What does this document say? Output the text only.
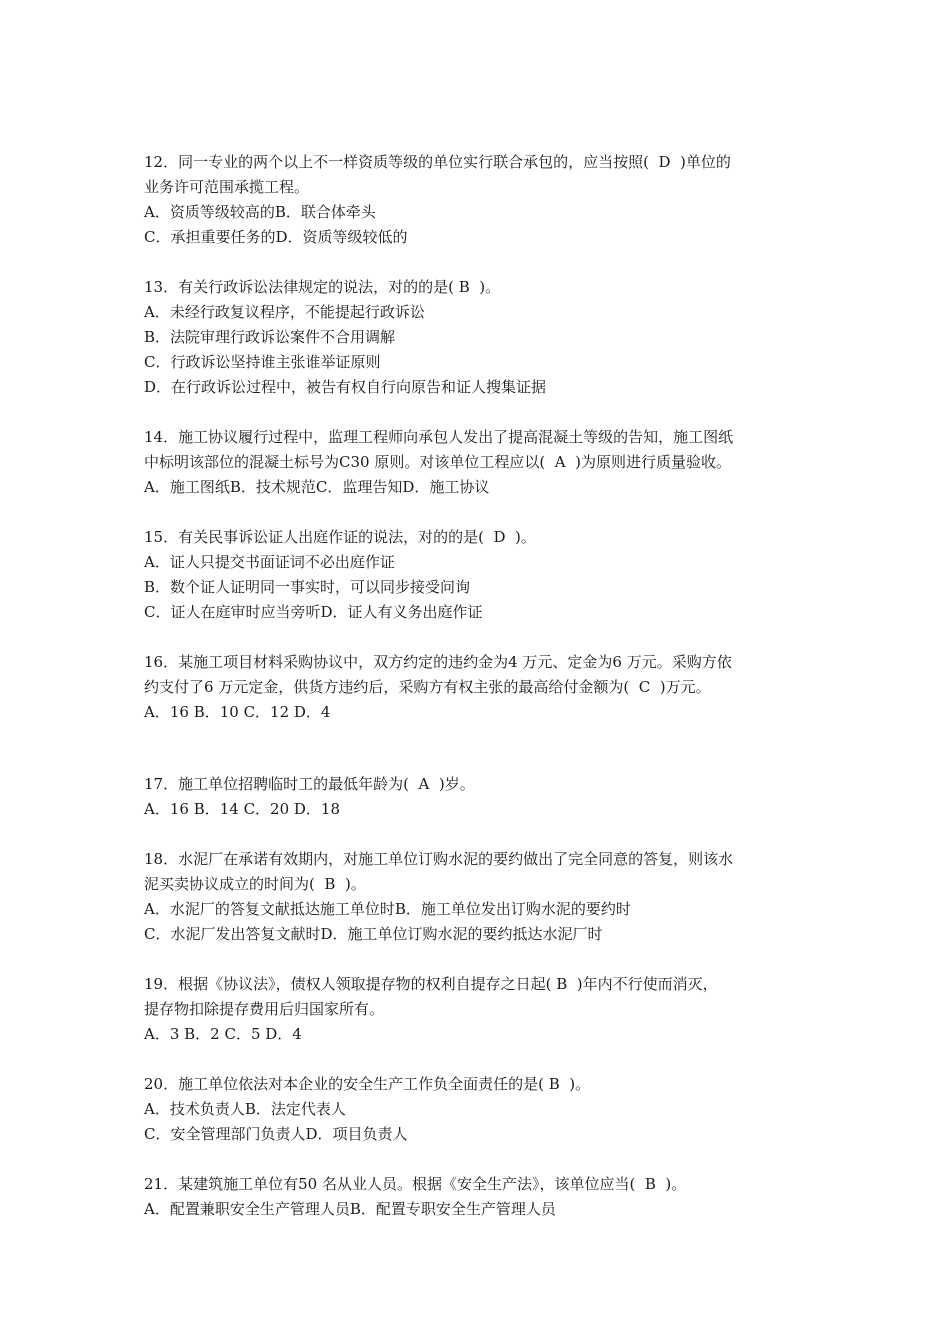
12．同一专业的两个以上不一样资质等级的单位实行联合承包的，应当按照(  D  )单位的
业务许可范围承揽工程。
A．资质等级较高的B．联合体牵头
C．承担重要任务的D．资质等级较低的
13．有关行政诉讼法律规定的说法，对的的是( B  )。
A．未经行政复议程序，不能提起行政诉讼
B．法院审理行政诉讼案件不合用调解
C．行政诉讼坚持谁主张谁举证原则
D．在行政诉讼过程中，被告有权自行向原告和证人搜集证据
14．施工协议履行过程中，监理工程师向承包人发出了提高混凝土等级的告知，施工图纸
中标明该部位的混凝土标号为C30 原则。对该单位工程应以(  A  )为原则进行质量验收。
A．施工图纸B．技术规范C．监理告知D．施工协议
15．有关民事诉讼证人出庭作证的说法，对的的是(  D  )。
A．证人只提交书面证词不必出庭作证
B．数个证人证明同一事实时，可以同步接受问询
C．证人在庭审时应当旁听D．证人有义务出庭作证
16．某施工项目材料采购协议中，双方约定的违约金为4 万元、定金为6 万元。采购方依
约支付了6 万元定金，供货方违约后，采购方有权主张的最高给付金额为(  C  )万元。
A．16 B．10 C．12 D．4
17．施工单位招聘临时工的最低年龄为(  A  )岁。
A．16 B．14 C．20 D．18
18．水泥厂在承诺有效期内，对施工单位订购水泥的要约做出了完全同意的答复，则该水
泥买卖协议成立的时间为(  B  )。
A．水泥厂的答复文献抵达施工单位时B．施工单位发出订购水泥的要约时
C．水泥厂发出答复文献时D．施工单位订购水泥的要约抵达水泥厂时
19．根据《协议法》，债权人领取提存物的权利自提存之日起( B  )年内不行使而消灭，
提存物扣除提存费用后归国家所有。
A．3 B．2 C．5 D．4
20．施工单位依法对本企业的安全生产工作负全面责任的是( B  )。
A．技术负责人B．法定代表人
C．安全管理部门负责人D．项目负责人
21．某建筑施工单位有50 名从业人员。根据《安全生产法》，该单位应当(  B  )。
A．配置兼职安全生产管理人员B．配置专职安全生产管理人员
